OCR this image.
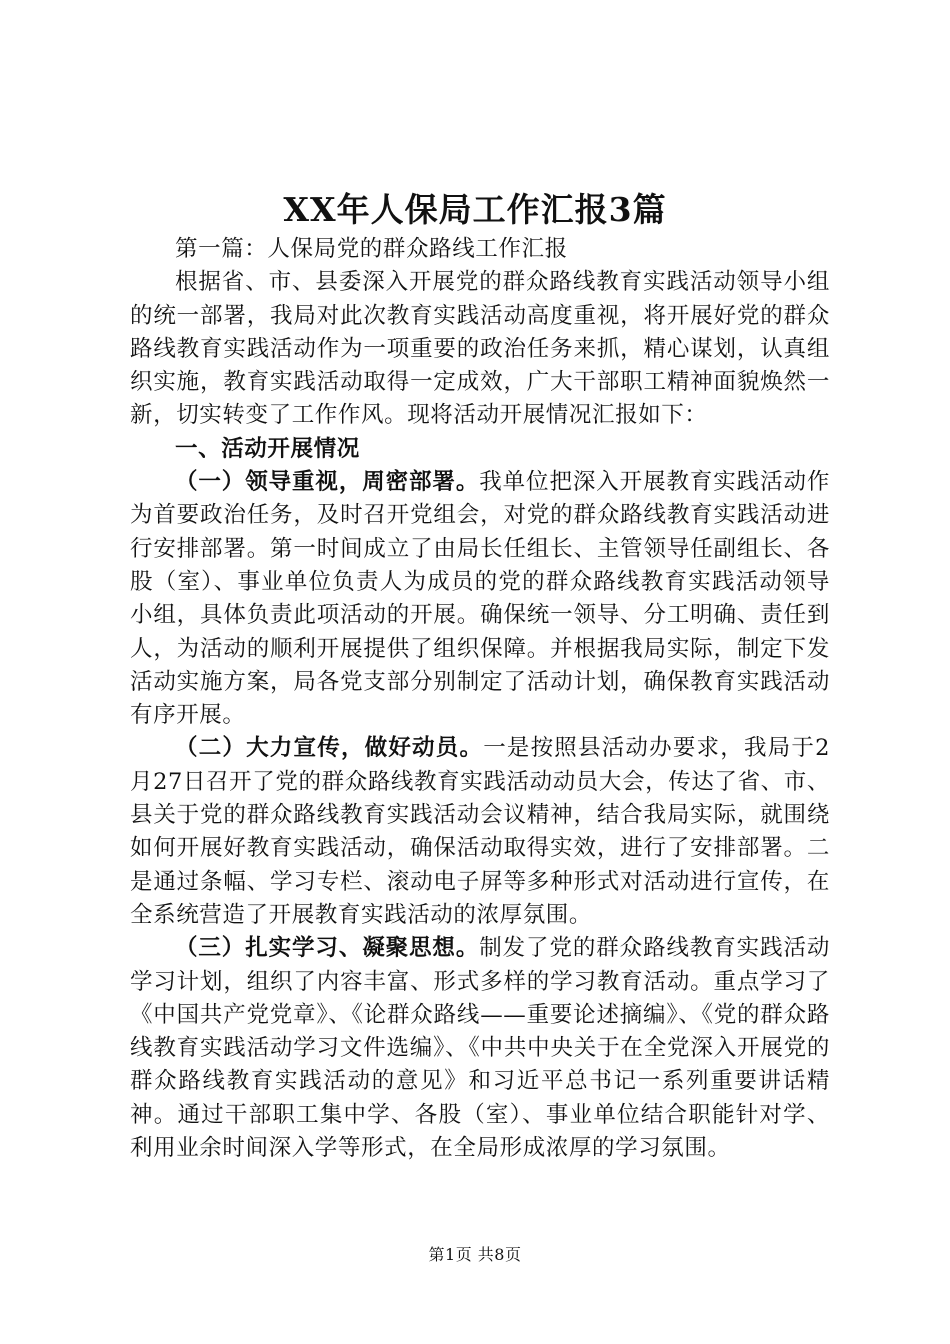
XX年人保局工作汇报3篇

第一篇：人保局党的群众路线工作汇报

根据省、市、县委深入开展党的群众路线教育实践活动领导小组的统一部署，我局对此次教育实践活动高度重视，将开展好党的群众路线教育实践活动作为一项重要的政治任务来抓，精心谋划，认真组织实施，教育实践活动取得一定成效，广大干部职工精神面貌焕然一新，切实转变了工作作风。现将活动开展情况汇报如下：

一、活动开展情况

（一）领导重视，周密部署。我单位把深入开展教育实践活动作为首要政治任务，及时召开党组会，对党的群众路线教育实践活动进行安排部署。第一时间成立了由局长任组长、主管领导任副组长、各股（室）、事业单位负责人为成员的党的群众路线教育实践活动领导小组，具体负责此项活动的开展。确保统一领导、分工明确、责任到人，为活动的顺利开展提供了组织保障。并根据我局实际，制定下发活动实施方案，局各党支部分别制定了活动计划，确保教育实践活动有序开展。

（二）大力宣传，做好动员。一是按照县活动办要求，我局于2月27日召开了党的群众路线教育实践活动动员大会，传达了省、市、县关于党的群众路线教育实践活动会议精神，结合我局实际，就围绕如何开展好教育实践活动，确保活动取得实效，进行了安排部署。二是通过条幅、学习专栏、滚动电子屏等多种形式对活动进行宣传，在全系统营造了开展教育实践活动的浓厚氛围。

（三）扎实学习、凝聚思想。制发了党的群众路线教育实践活动学习计划，组织了内容丰富、形式多样的学习教育活动。重点学习了《中国共产党党章》、《论群众路线——重要论述摘编》、《党的群众路线教育实践活动学习文件选编》、《中共中央关于在全党深入开展党的群众路线教育实践活动的意见》和习近平总书记一系列重要讲话精神。通过干部职工集中学、各股（室）、事业单位结合职能针对学、利用业余时间深入学等形式，在全局形成浓厚的学习氛围。

第1页 共8页
